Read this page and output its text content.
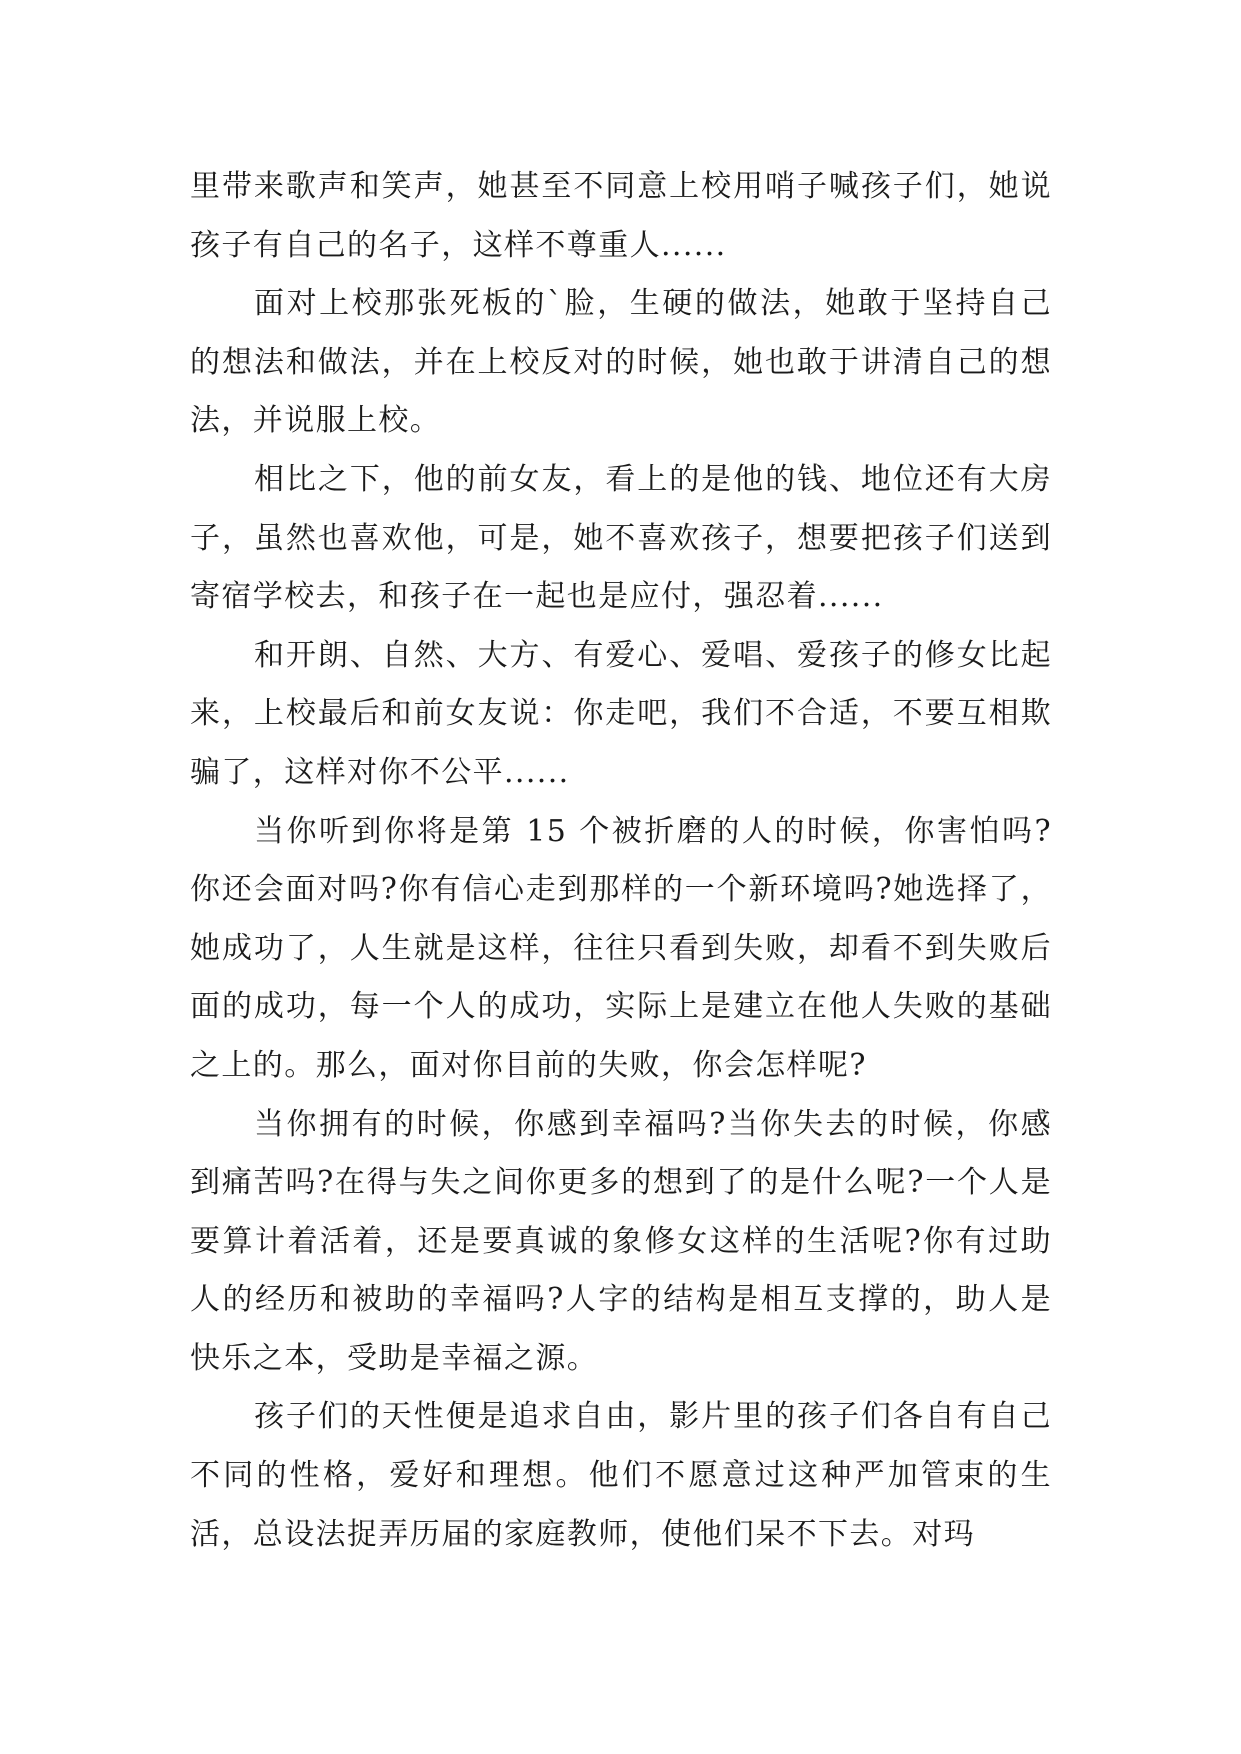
里带来歌声和笑声，她甚至不同意上校用哨子喊孩子们，她说孩子有自己的名子，这样不尊重人......

面对上校那张死板的`脸，生硬的做法，她敢于坚持自己的想法和做法，并在上校反对的时候，她也敢于讲清自己的想法，并说服上校。

相比之下，他的前女友，看上的是他的钱、地位还有大房子，虽然也喜欢他，可是，她不喜欢孩子，想要把孩子们送到寄宿学校去，和孩子在一起也是应付，强忍着......

和开朗、自然、大方、有爱心、爱唱、爱孩子的修女比起来，上校最后和前女友说：你走吧，我们不合适，不要互相欺骗了，这样对你不公平......

当你听到你将是第 15 个被折磨的人的时候，你害怕吗?你还会面对吗?你有信心走到那样的一个新环境吗?她选择了，她成功了，人生就是这样，往往只看到失败，却看不到失败后面的成功，每一个人的成功，实际上是建立在他人失败的基础之上的。那么，面对你目前的失败，你会怎样呢?

当你拥有的时候，你感到幸福吗?当你失去的时候，你感到痛苦吗?在得与失之间你更多的想到了的是什么呢?一个人是要算计着活着，还是要真诚的象修女这样的生活呢?你有过助人的经历和被助的幸福吗?人字的结构是相互支撑的，助人是快乐之本，受助是幸福之源。

孩子们的天性便是追求自由，影片里的孩子们各自有自己不同的性格，爱好和理想。他们不愿意过这种严加管束的生活，总设法捉弄历届的家庭教师，使他们呆不下去。对玛
